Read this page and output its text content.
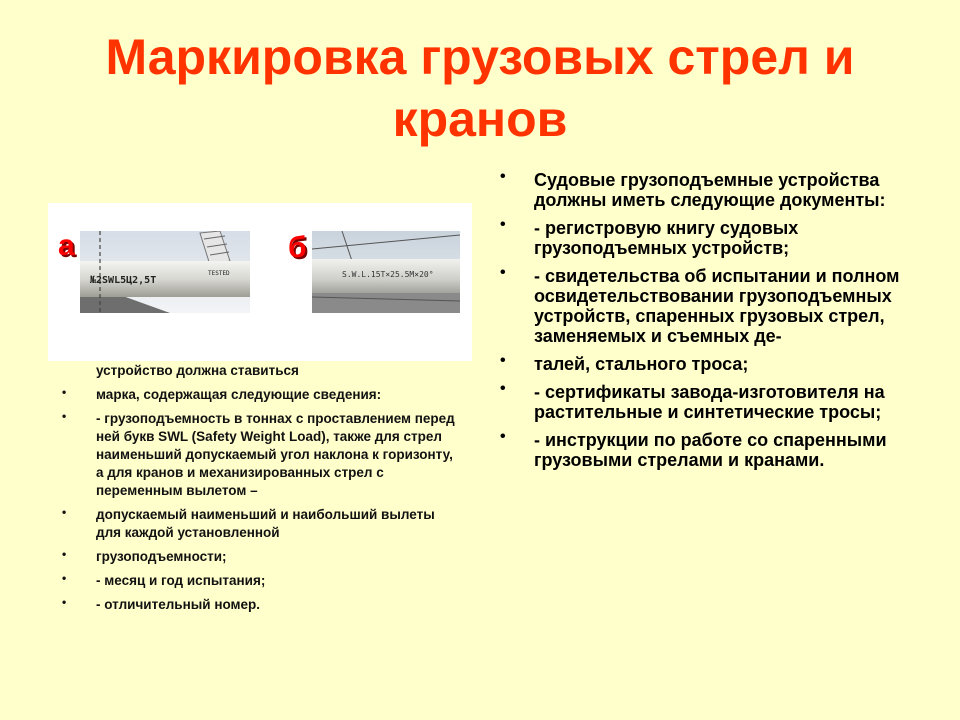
Маркировка грузовых стрел и
кранов
а
№2SWL5Ц2,5Т
TESTED
б
S.W.L.15T×25.5M×20°
устройство должна ставиться
• марка, содержащая следующие сведения:
• - грузоподъемность в тоннах с проставлением перед ней букв SWL (Safety Weight Load), также для стрел наименьший допускаемый угол наклона к горизонту, а для кранов и механизированных стрел с переменным вылетом –
• допускаемый наименьший и наибольший вылеты для каждой установленной
• грузоподъемности;
• - месяц и год испытания;
• - отличительный номер.
• Судовые грузоподъемные устройства должны иметь следующие документы:
• - регистровую книгу судовых грузоподъемных устройств;
• - свидетельства об испытании и полном освидетельствовании грузоподъемных устройств, спаренных грузовых стрел, заменяемых и съемных де-
• талей, стального троса;
• - сертификаты завода-изготовителя на растительные и синтетические тросы;
• - инструкции по работе со спаренными грузовыми стрелами и кранами.
